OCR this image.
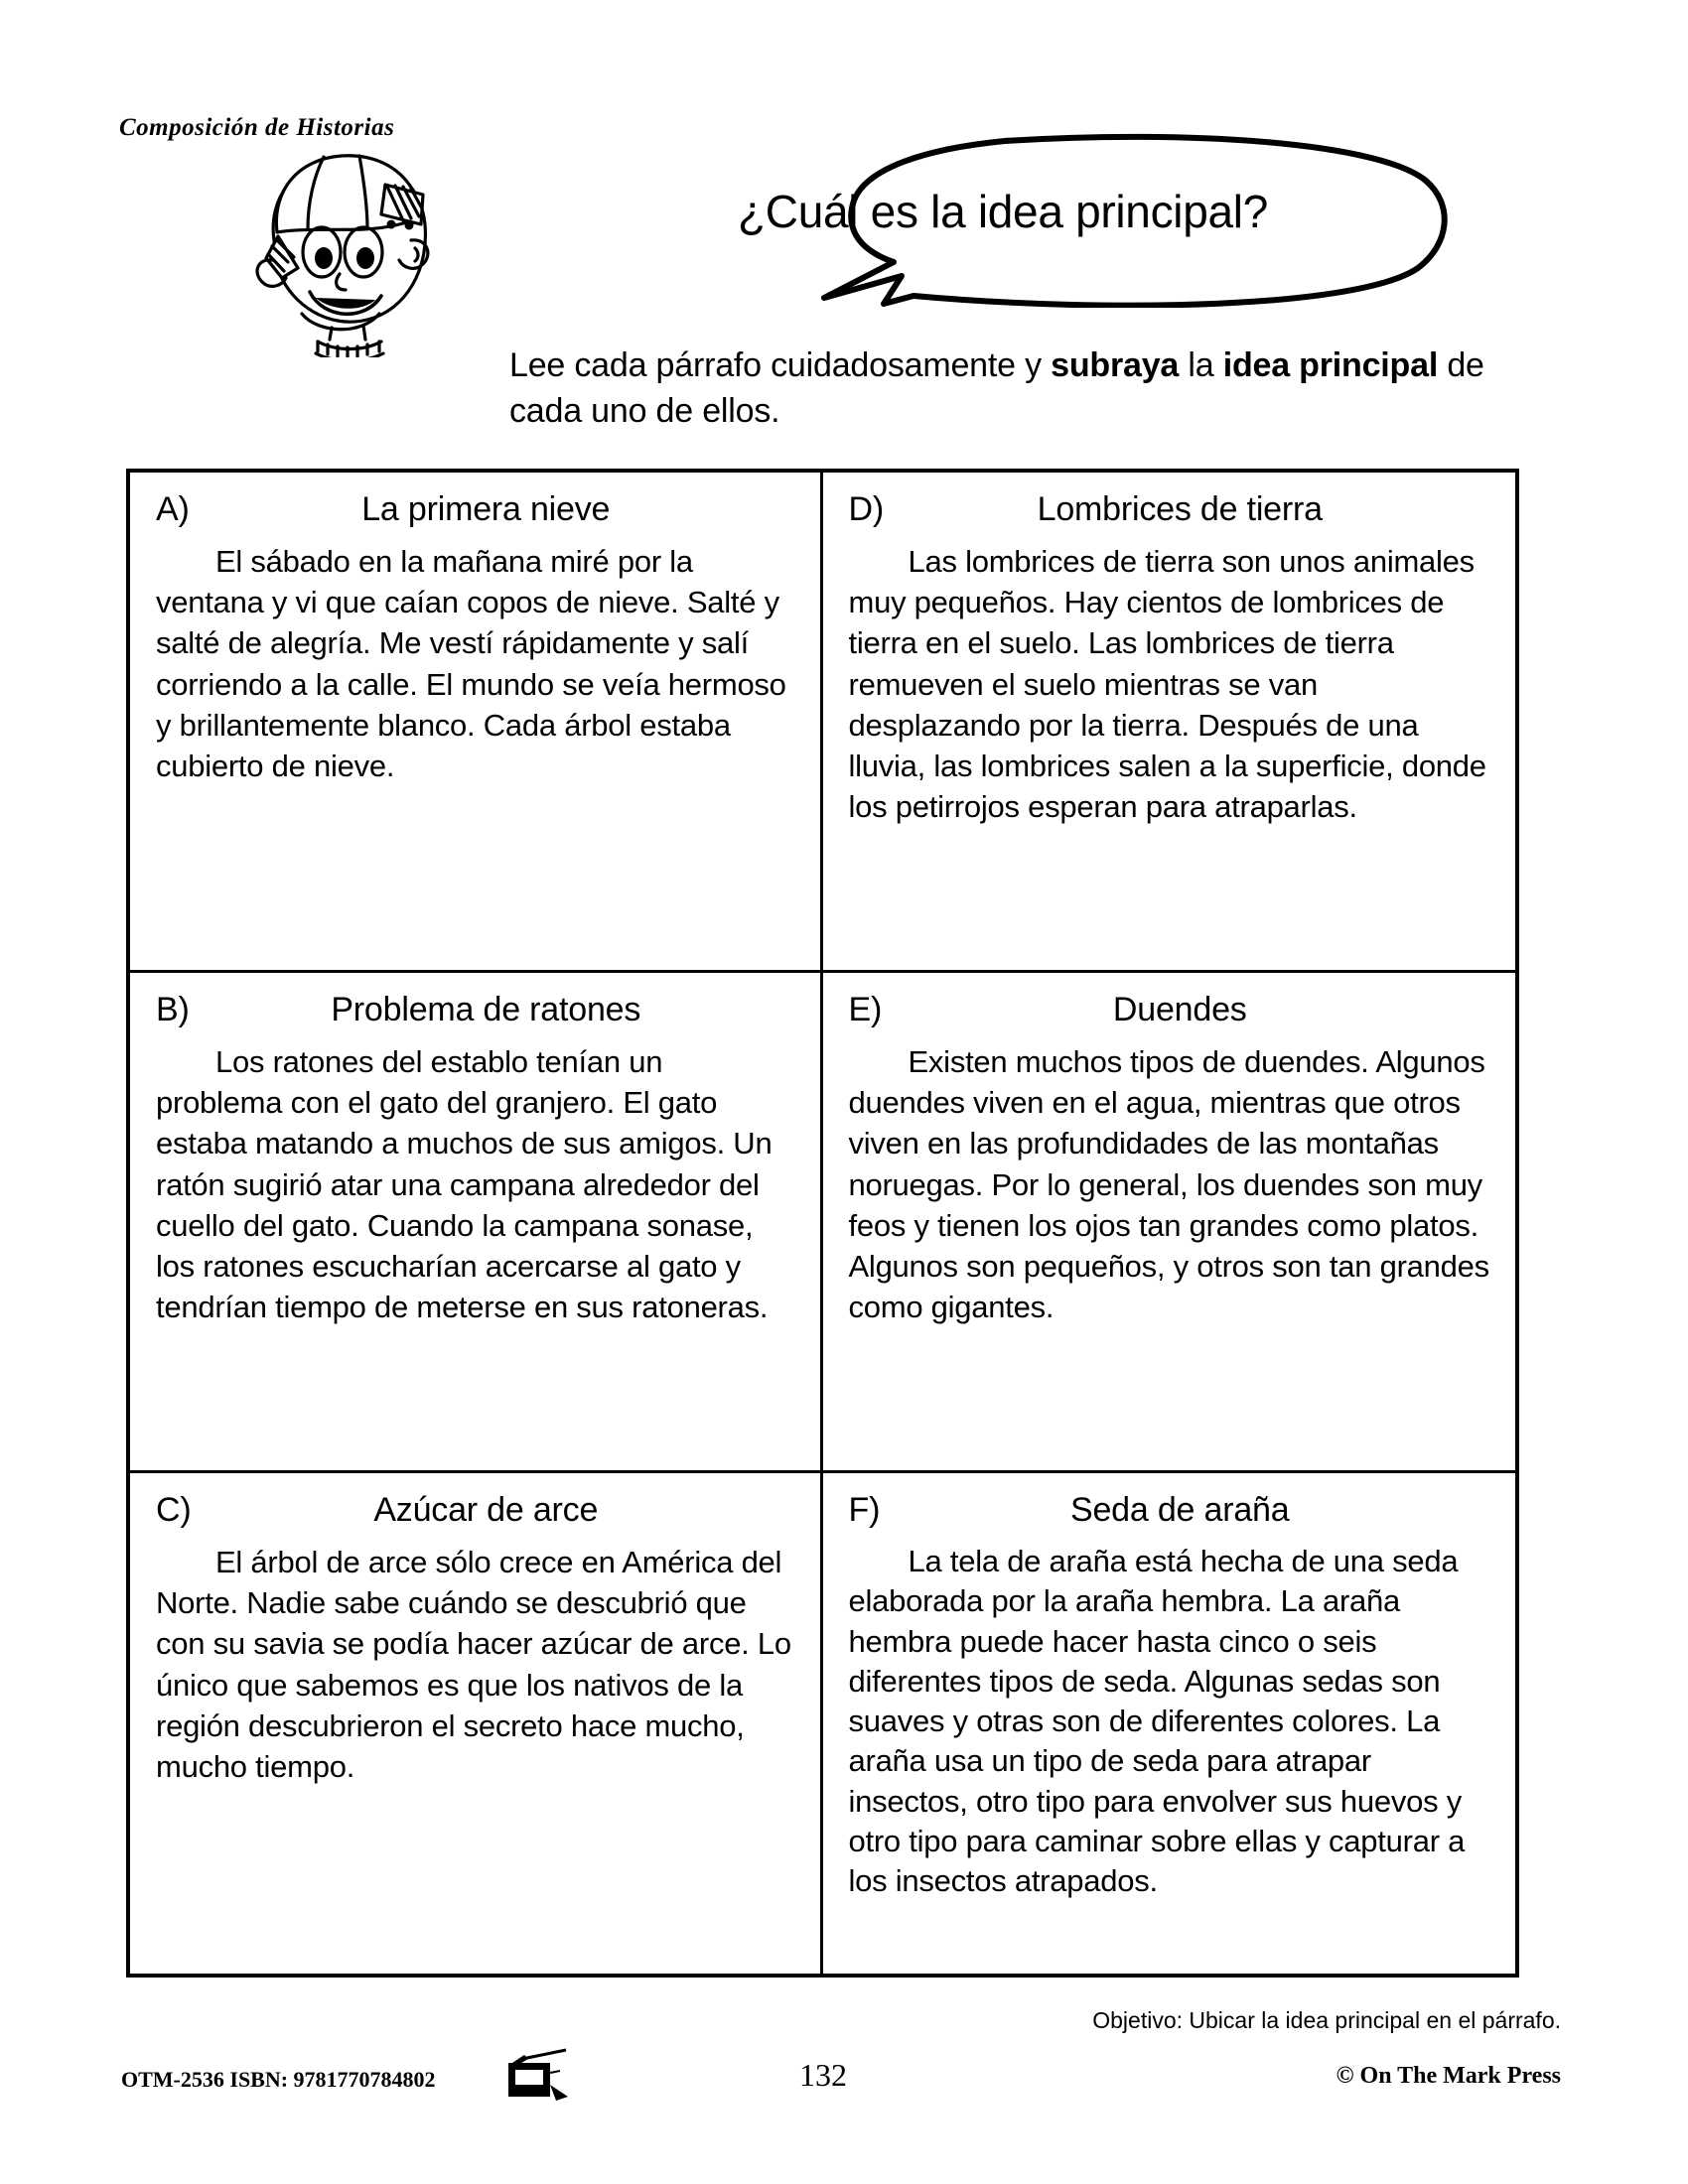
Composición de Historias
¿Cuál es la idea principal?
Lee cada párrafo cuidadosamente y subraya la idea principal de cada uno de ellos.
A)	La primera nieve
El sábado en la mañana miré por la ventana y vi que caían copos de nieve. Salté y salté de alegría. Me vestí rápidamente y salí corriendo a la calle. El mundo se veía hermoso y brillantemente blanco. Cada árbol estaba cubierto de nieve.
D)	Lombrices de tierra
Las lombrices de tierra son unos animales muy pequeños. Hay cientos de lombrices de tierra en el suelo. Las lombrices de tierra remueven el suelo mientras se van desplazando por la tierra. Después de una lluvia, las lombrices salen a la superficie, donde los petirrojos esperan para atraparlas.
B)	Problema de ratones
Los ratones del establo tenían un problema con el gato del granjero. El gato estaba matando a muchos de sus amigos. Un ratón sugirió atar una campana alrededor del cuello del gato. Cuando la campana sonase, los ratones escucharían acercarse al gato y tendrían tiempo de meterse en sus ratoneras.
E)	Duendes
Existen muchos tipos de duendes. Algunos duendes viven en el agua, mientras que otros viven en las profundidades de las montañas noruegas. Por lo general, los duendes son muy feos y tienen los ojos tan grandes como platos. Algunos son pequeños, y otros son tan grandes como gigantes.
C)	Azúcar de arce
El árbol de arce sólo crece en América del Norte. Nadie sabe cuándo se descubrió que con su savia se podía hacer azúcar de arce. Lo único que sabemos es que los nativos de la región descubrieron el secreto hace mucho, mucho tiempo.
F)	Seda de araña
La tela de araña está hecha de una seda elaborada por la araña hembra. La araña hembra puede hacer hasta cinco o seis diferentes tipos de seda. Algunas sedas son suaves y otras son de diferentes colores. La araña usa un tipo de seda para atrapar insectos, otro tipo para envolver sus huevos y otro tipo para caminar sobre ellas y capturar a los insectos atrapados.
Objetivo: Ubicar la idea principal en el párrafo.
OTM-2536 ISBN: 9781770784802	132	© On The Mark Press
